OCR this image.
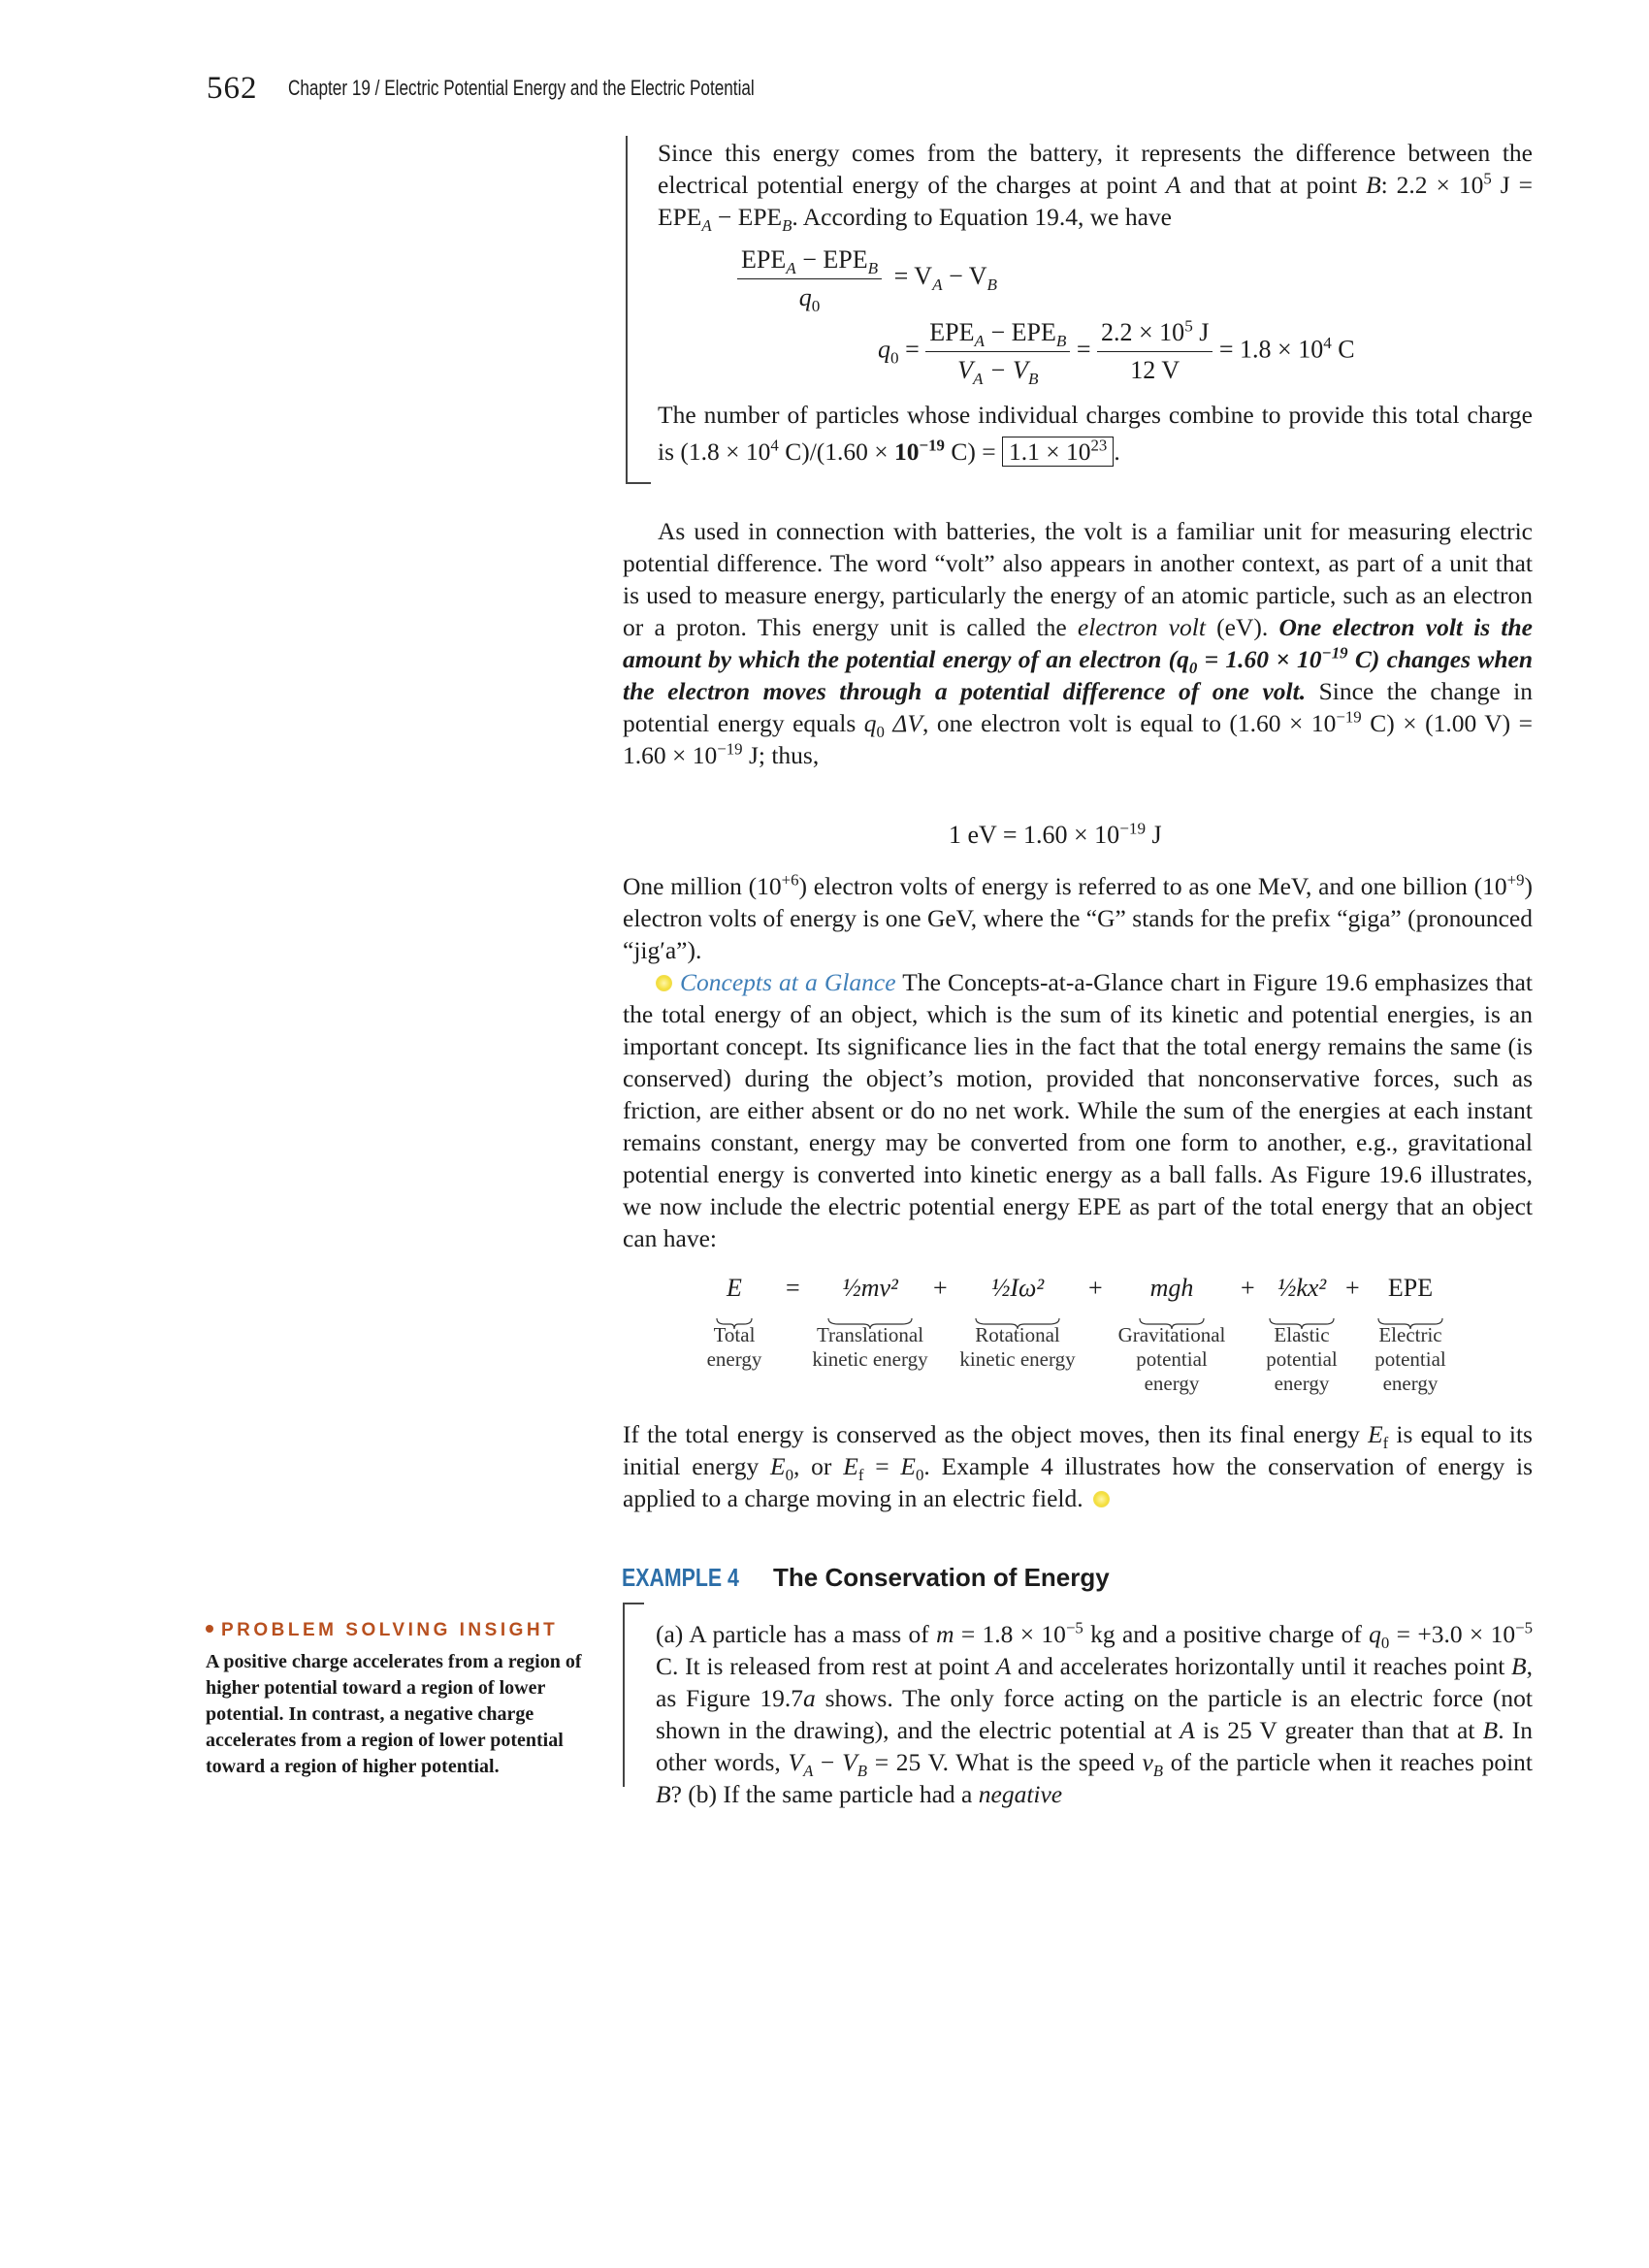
562 Chapter 19 / Electric Potential Energy and the Electric Potential
Since this energy comes from the battery, it represents the difference between the electrical potential energy of the charges at point A and that at point B: $2.2 \times 10^5$ $J = EPE_A - EPE_B$. According to Equation 19.4, we have
$\frac{EPE_A - EPE_B}{q_0} = V_A - V_B$
$q_0 = \frac{EPE_A - EPE_B}{V_A - V_B} = \frac{2.2 \times 10^5 J}{12 V} = 1.8 \times 10^4$ C
The number of particles whose individual charges combine to provide this total charge is ($1.8 \times 10^4$ $C)/(1.60 \times 10^{-19}$ $C) = 1.1 \times 10^{23}$ .
As used in connection with batteries, the volt is a familiar unit for measuring electric potential difference. The word “volt” also appears in another context, as part of a unit that is used to measure energy, particularly the energy of an atomic particle, such as an electron or a proton. This energy unit is called the electron volt (eV). One electron volt is the amount by which the potential energy of an electron ($q_0 = 1.60 \times 10^{-19}$ C) changes when the electron moves through a potential difference of one volt. Since the change in potential energy equals $q_0$ ΔV, one electron volt is equal to ($1.60 \times 10^{-19}$ C) × (1.00 $V) = 1.60 \times 10^{-19}$ J; thus,
1 eV = $1.60 \times 10^{-19}$ J
One million $(10^{+6})$ electron volts of energy is referred to as one MeV, and one billion $(10^{+9})$ electron volts of energy is one GeV, where the “G” stands for the prefix “giga” (pronounced “jig′a”).
Concepts at a Glance The Concepts-at-a-Glance chart in Figure 19.6 emphasizes that the total energy of an object, which is the sum of its kinetic and potential energies, is an important concept. Its significance lies in the fact that the total energy remains the same (is conserved) during the object’s motion, provided that nonconservative forces, such as friction, are either absent or do no net work. While the sum of the energies at each instant remains constant, energy may be converted from one form to another, e.g., gravitational potential energy is converted into kinetic energy as a ball falls. As Figure 19.6 illustrates, we now include the electric potential energy EPE as part of the total energy that an object can have:
E
Total
energy
=	½mv²
Translational
kinetic energy
+	½Iω²
Rotational
kinetic energy
+	mgh
Gravitational
potential
energy
+ ½kx²
Elastic
potential
energy
+	EPE
Electric
potential
energy
If the total energy is conserved as the object moves, then its final energy $E_f$ is equal to its initial energy $E_0$, or $E_f = E_0$. Example 4 illustrates how the conservation of energy is applied to a charge moving in an electric field.
EXAMPLE 4 The Conservation of Energy
(a) A particle has a mass of $m = 1.8 \times 10^{-5}$ kg and a positive charge of $q_0 = +3.0 \times 10^{-5}$ C. It is released from rest at point A and accelerates horizontally until it reaches point B, as Figure 19.7a shows. The only force acting on the particle is an electric force (not shown in the drawing), and the electric potential at A is 25 V greater than that at B. In other words, $V_A - V_B = 25$ V. What is the speed $v_B$ of the particle when it reaches point B? (b) If the same particle had a negative
PROBLEM SOLVING INSIGHT
A positive charge accelerates from a region of higher potential toward a region of lower potential. In contrast, a negative charge accelerates from a region of lower potential toward a region of higher potential.
